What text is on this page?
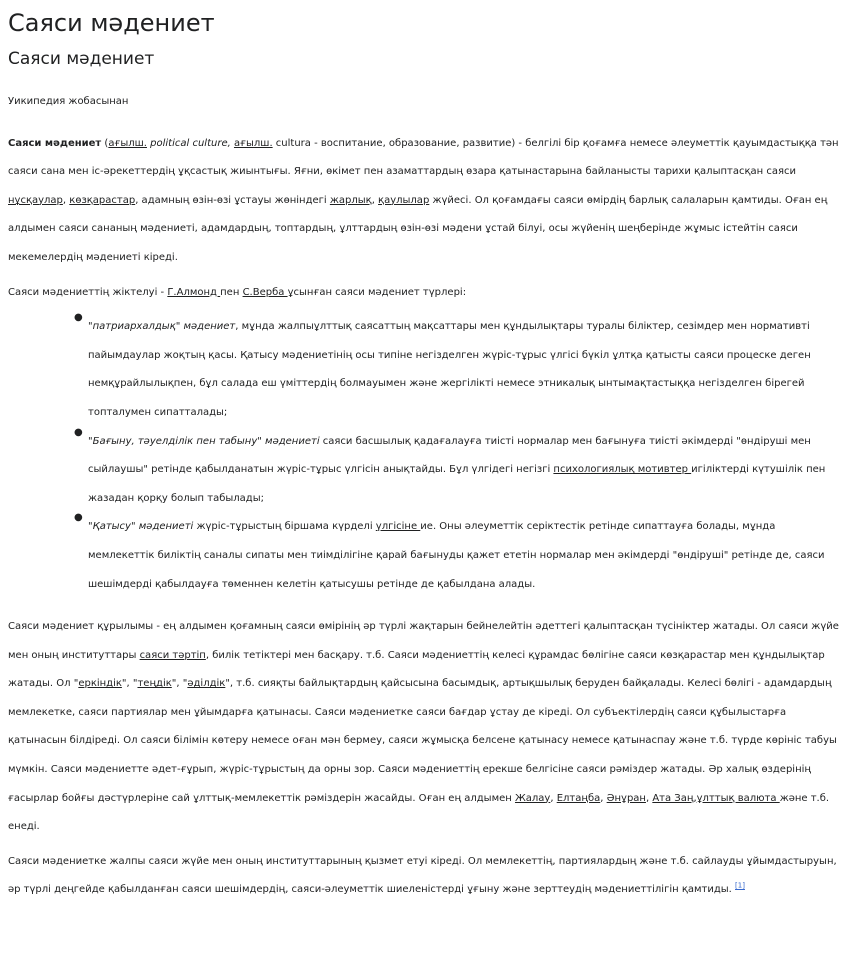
Саяси мәдениет
Саяси мәдениет

Уикипедия жобасынан

Саяси мәдениет (ағылш. political culture, ағылш. cultura - воспитание, образование, развитие) - белгілі бір қоғамға немесе әлеуметтік қауымдастыққа тән саяси сана мен іс-әрекеттердің ұқсастық жиынтығы. Яғни, өкімет пен азаматтардың өзара қатынастарына байланысты тарихи қалыптасқан саяси нұсқаулар, көзқарастар, адамның өзін-өзі ұстауы жөніндегі жарлық, қаулылар жүйесі. Ол қоғамдағы саяси өмірдің барлық салаларын қамтиды. Оған ең алдымен саяси сананың мәдениеті, адамдардың, топтардың, ұлттардың өзін-өзі мәдени ұстай білуі, осы жүйенің шеңберінде жұмыс істейтін саяси мекемелердің мәдениеті кіреді.

Саяси мәдениеттің жіктелуі - Г.Алмонд пен С.Верба ұсынған саяси мәдениет түрлері:

●
"патриархалдық" мәдениет, мұнда жалпыұлттық саясаттың мақсаттары мен құндылықтары туралы біліктер, сезімдер мен нормативті пайымдаулар жоқтың қасы. Қатысу мәдениетінің осы типіне негізделген жүріс-тұрыс үлгісі бүкіл ұлтқа қатысты саяси процеске деген немқұрайлылықпен, бұл салада еш үміттердің болмауымен және жергілікті немесе этникалық ынтымақтастыққа негізделген бірегей топталумен сипатталады;
●
"Бағыну, тәуелділік пен табыну" мәдениеті саяси басшылық қадағалауға тиісті нормалар мен бағынуға тиісті әкімдерді "өндіруші мен сыйлаушы" ретінде қабылданатын жүріс-тұрыс үлгісін анықтайды. Бұл үлгідегі негізгі психологиялық мотивтер игіліктерді күтушілік пен жазадан қорқу болып табылады;
●
"Қатысу" мәдениеті жүріс-тұрыстың біршама күрделі үлгісіне ие. Оны әлеуметтік серіктестік ретінде сипаттауға болады, мұнда мемлекеттік биліктің саналы сипаты мен тиімділігіне қарай бағынуды қажет ететін нормалар мен әкімдерді "өндіруші" ретінде де, саяси шешімдерді қабылдауға төменнен келетін қатысушы ретінде де қабылдана алады.

Саяси мәдениет құрылымы - ең алдымен қоғамның саяси өмірінің әр түрлі жақтарын бейнелейтін әдеттегі қалыптасқан түсініктер жатады. Ол саяси жүйе мен оның институттары саяси тәртіп, билік тетіктері мен басқару. т.б. Саяси мәдениеттің келесі құрамдас бөлігіне саяси көзқарастар мен құндылықтар жатады. Ол "еркіндік", "теңдік", "әділдік", т.б. сияқты байлықтардың қайсысына басымдық, артықшылық беруден байқалады. Келесі бөлігі - адамдардың мемлекетке, саяси партиялар мен ұйымдарға қатынасы. Саяси мәдениетке саяси бағдар ұстау де кіреді. Ол субъектілердің саяси құбылыстарға қатынасын білдіреді. Ол саяси білімін көтеру немесе оған мән бермеу, саяси жұмысқа белсене қатынасу немесе қатынаспау және т.б. түрде көрініс табуы мүмкін. Саяси мәдениетте әдет-ғұрып, жүріс-тұрыстың да орны зор. Саяси мәдениеттің ерекше белгісіне саяси рәміздер жатады. Әр халық өздерінің ғасырлар бойғы дәстүрлеріне сай ұлттық-мемлекеттік рәміздерін жасайды. Оған ең алдымен Жалау, Елтаңба, Әнұран, Ата Заң,ұлттық валюта және т.б. енеді.

Саяси мәдениетке жалпы саяси жүйе мен оның институттарының қызмет етуі кіреді. Ол мемлекеттің, партиялардың және т.б. сайлауды ұйымдастыруын, әр түрлі деңгейде қабылданған саяси шешімдердің, саяси-әлеуметтік шиеленістерді ұғыну және зерттеудің мәдениеттілігін қамтиды. [1]
